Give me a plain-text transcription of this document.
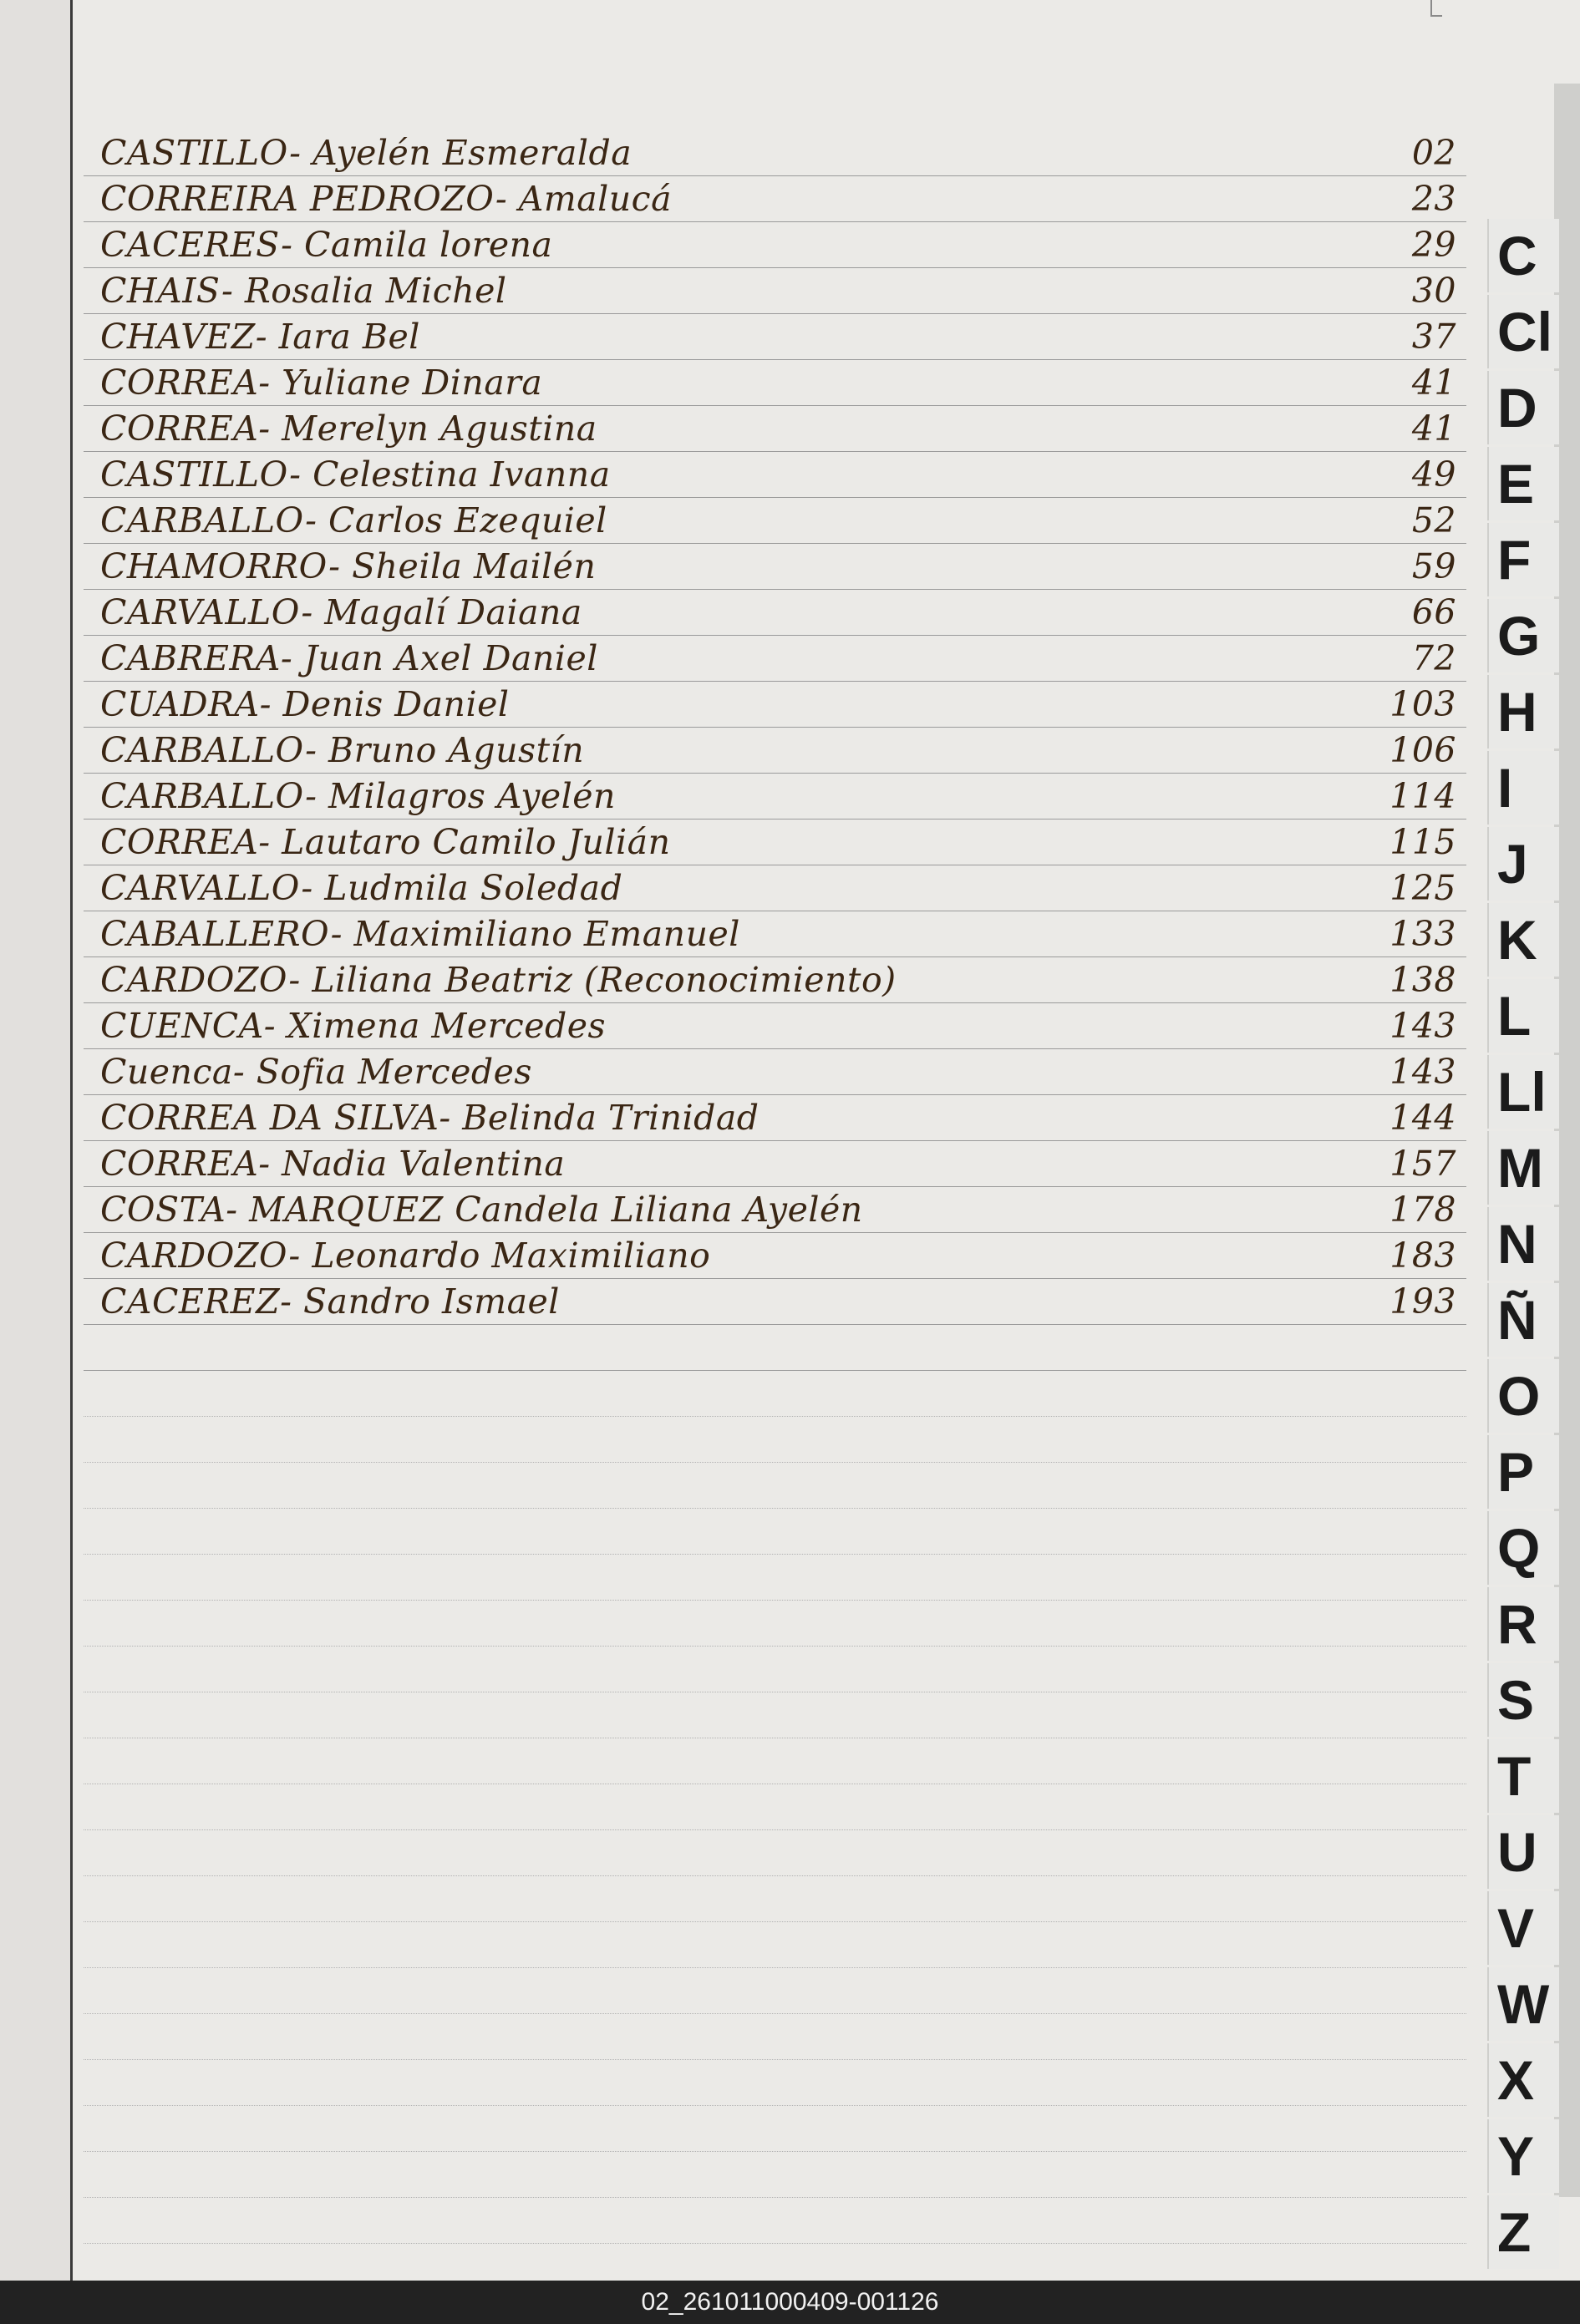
CASTILLO- Ayelén Esmeralda	02
CORREIRA PEDROZO- Amalucá	23
CACERES- Camila lorena	29
CHAIS- Rosalia Michel	30
CHAVEZ- Iara Bel	37
CORREA- Yuliane Dinara	41
CORREA- Merelyn Agustina	41
CASTILLO- Celestina Ivanna	49
CARBALLO- Carlos Ezequiel	52
CHAMORRO- Sheila Mailén	59
CARVALLO- Magalí Daiana	66
CABRERA- Juan Axel Daniel	72
CUADRA- Denis Daniel	103
CARBALLO- Bruno Agustín	106
CARBALLO- Milagros Ayelén	114
CORREA- Lautaro Camilo Julián	115
CARVALLO- Ludmila Soledad	125
CABALLERO- Maximiliano Emanuel	133
CARDOZO- Liliana Beatriz (Reconocimiento)	138
CUENCA- Ximena Mercedes	143
Cuenca- Sofia Mercedes	143
CORREA DA SILVA- Belinda Trinidad	144
CORREA- Nadia Valentina	157
COSTA- MARQUEZ Candela Liliana Ayelén	178
CARDOZO- Leonardo Maximiliano	183
CACEREZ- Sandro Ismael	193
C
Cl
D
E
F
G
H
I
J
K
L
Ll
M
N
Ñ
O
P
Q
R
S
T
U
V
W
X
Y
Z
02_261011000409-001126
